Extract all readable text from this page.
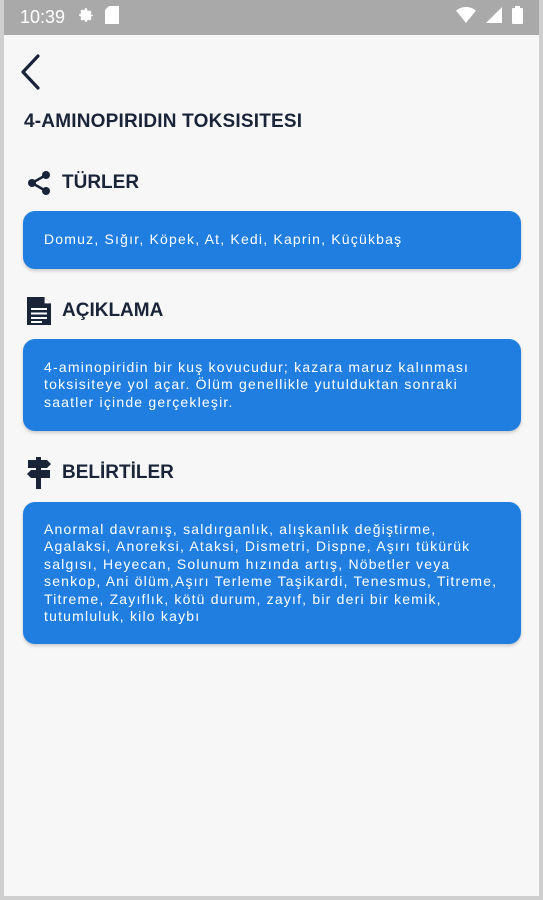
10:39
4-AMINOPIRIDIN TOKSISITESI
TÜRLER
Domuz, Sığır, Köpek, At, Kedi, Kaprin, Küçükbaş
AÇIKLAMA
4-aminopiridin bir kuş kovucudur; kazara maruz kalınması toksisiteye yol açar. Ölüm genellikle yutulduktan sonraki saatler içinde gerçekleşir.
BELİRTİLER
Anormal davranış, saldırganlık, alışkanlık değiştirme, Agalaksi, Anoreksi, Ataksi, Dismetri, Dispne, Aşırı tükürük salgısı, Heyecan, Solunum hızında artış, Nöbetler veya senkop, Ani ölüm,Aşırı Terleme Taşikardi, Tenesmus, Titreme, Titreme, Zayıflık, kötü durum, zayıf, bir deri bir kemik, tutumluluk, kilo kaybı
